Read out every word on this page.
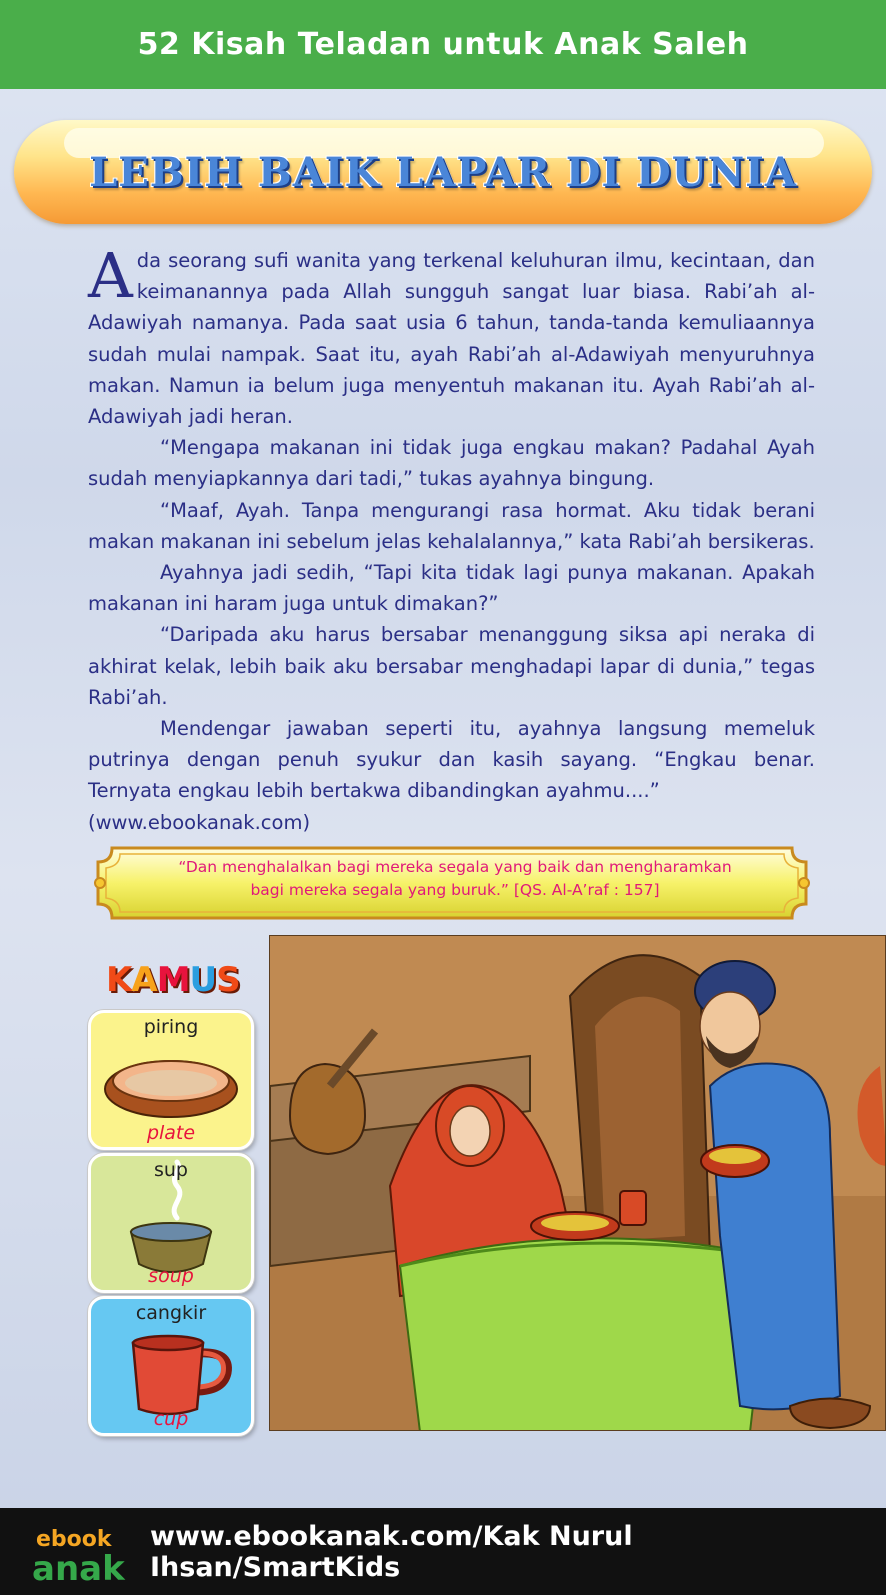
52 Kisah Teladan untuk Anak Saleh
LEBIH BAIK LAPAR DI DUNIA

Ada seorang sufi wanita yang terkenal keluhuran ilmu, kecintaan, dan keimanannya pada Allah sungguh sangat luar biasa. Rabi’ah al-Adawiyah namanya. Pada saat usia 6 tahun, tanda-tanda kemuliaannya sudah mulai nampak. Saat itu, ayah Rabi’ah al-Adawiyah menyuruhnya makan. Namun ia belum juga menyentuh makanan itu. Ayah Rabi’ah al-Adawiyah jadi heran.

“Mengapa makanan ini tidak juga engkau makan? Padahal Ayah sudah menyiapkannya dari tadi,” tukas ayahnya bingung.

“Maaf, Ayah. Tanpa mengurangi rasa hormat. Aku tidak berani makan makanan ini sebelum jelas kehalalannya,” kata Rabi’ah bersikeras.

Ayahnya jadi sedih, “Tapi kita tidak lagi punya makanan. Apakah makanan ini haram juga untuk dimakan?”

“Daripada aku harus bersabar menanggung siksa api neraka di akhirat kelak, lebih baik aku bersabar menghadapi lapar di dunia,” tegas Rabi’ah.

Mendengar jawaban seperti itu, ayahnya langsung memeluk putrinya dengan penuh syukur dan kasih sayang. “Engkau benar. Ternyata engkau lebih bertakwa dibandingkan ayahmu....”

(www.ebookanak.com)

“Dan menghalalkan bagi mereka segala yang baik dan mengharamkan
bagi mereka segala yang buruk.” [QS. Al-A’raf : 157]
KAMUS
piring
plate
sup
soup
cangkir
cup
ebook
anak
www.ebookanak.com/Kak Nurul Ihsan/SmartKids
